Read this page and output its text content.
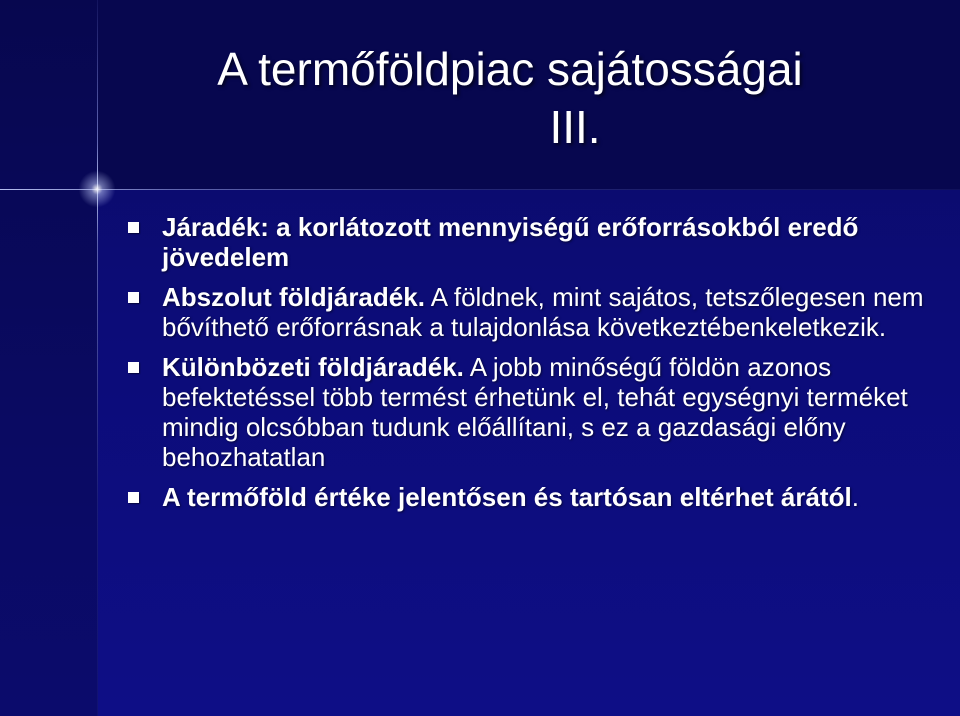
A termőföldpiac sajátosságai
III.
Járadék: a korlátozott mennyiségű erőforrásokból eredő jövedelem
Abszolut földjáradék. A földnek, mint sajátos, tetszőlegesen nem bővíthető erőforrásnak a tulajdonlása következtébenkeletkezik.
Különbözeti földjáradék. A jobb minőségű földön azonos befektetéssel több termést érhetünk el, tehát egységnyi terméket mindig olcsóbban tudunk előállítani, s ez a gazdasági előny behozhatatlan
A termőföld értéke jelentősen és tartósan eltérhet árától.
